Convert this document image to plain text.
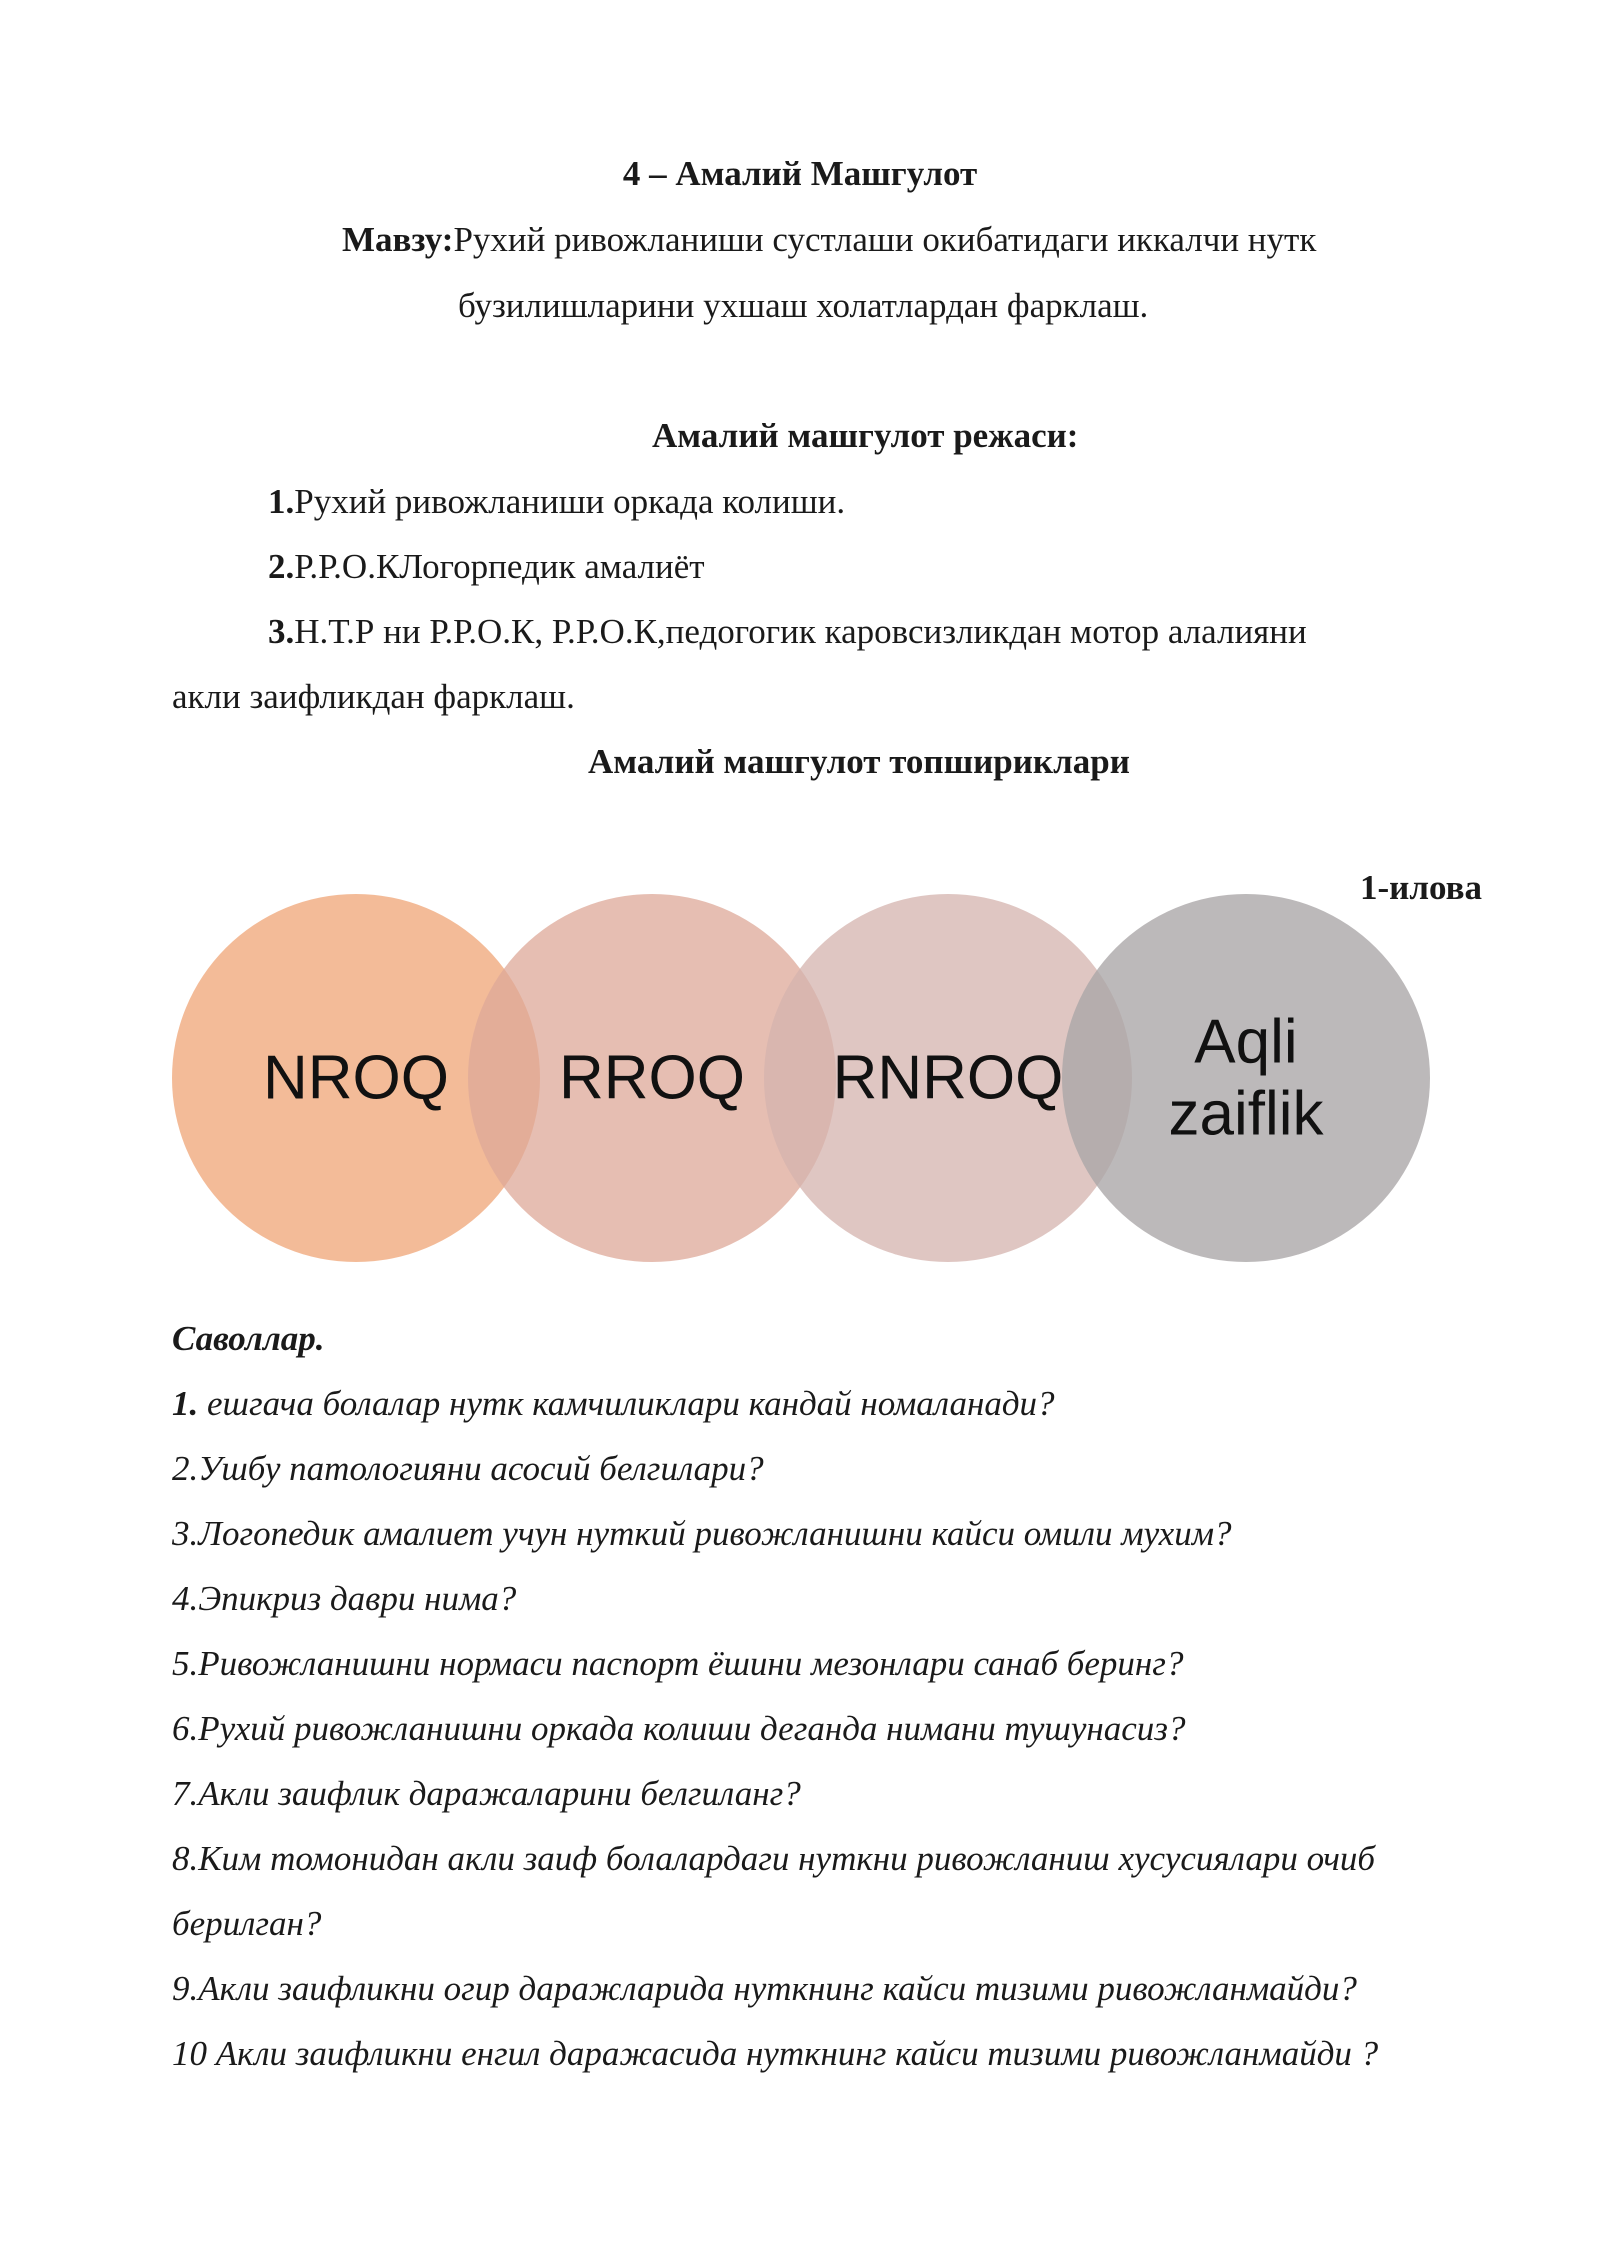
4 – Амалий Машгулот
Мавзу:Рухий ривожланиши сустлаши окибатидаги иккалчи нутк
бузилишларини ухшаш холатлардан фарклаш.
Амалий машгулот режаси:
1.Рухий ривожланиши оркада колиши.
2.Р.Р.О.КЛогорпедик амалиёт
3.Н.Т.Р ни Р.Р.О.К, Р.Р.О.К,педогогик каровсизликдан мотор алалияни
акли заифликдан фарклаш.
Амалий машгулот топшириклари
1-илова
NROQ RROQ RNROQ
Aqli
zaiflik
Саволлар.
1. ешгача болалар нутк камчиликлари кандай номаланади?
2.Ушбу патологияни асосий белгилари?
3.Логопедик амалиет учун нуткий ривожланишни кайси омили мухим?
4.Эпикриз даври нима?
5.Ривожланишни нормаси паспорт ёшини мезонлари санаб беринг?
6.Рухий ривожланишни оркада колиши деганда нимани тушунасиз?
7.Акли заифлик даражаларини белгиланг?
8.Ким томонидан акли заиф болалардаги нуткни ривожланиш хусусиялари очиб
берилган?
9.Акли заифликни огир даражларида нуткнинг кайси тизими ривожланмайди?
10 Акли заифликни енгил даражасида нуткнинг кайси тизими ривожланмайди ?
